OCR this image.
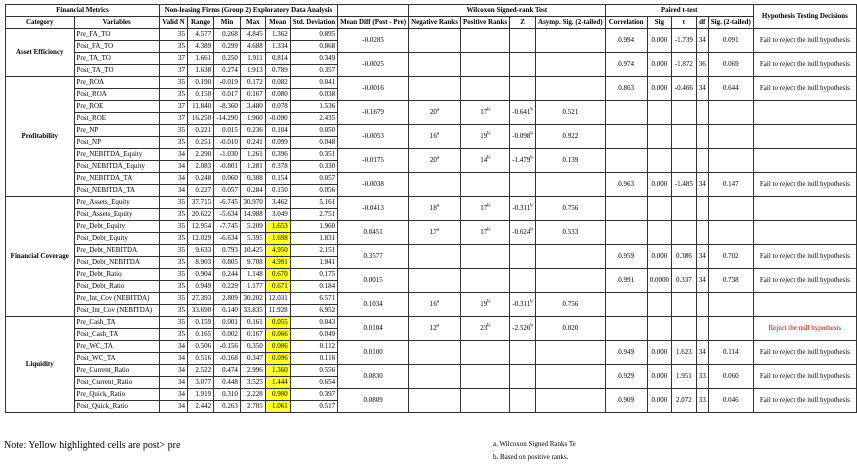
Financial Metrics		Non-leasing Firms (Group 2) Exploratory Data Analysis							Wilcoxon Signed-rank Test				Paired t-test					Hypothesis Testing Decisions
Category	Variables	Valid N	Range	Min	Max	Mean	Std. Deviation	Mean Diff (Post - Pre)	Negative Ranks	Positive Ranks	Z	Asymp. Sig. (2-tailed)	Correlation	Sig	t	df	Sig. (2-tailed)	
Asset Efficiency	Pre_FA_TO	35	4.577	0.268	4.845	1.362	0.895	-0.0285					0.994	0.000	-1.739	34	0.091	Fail to reject the null hypothesis
	Post_FA_TO	35	4.389	0.299	4.688	1.334	0.868											
	Pre_TA_TO	37	1.661	0.250	1.911	0.814	0.349	-0.0025					0.974	0.000	-1.872	36	0.069	Fail to reject the null hypothesis
	Post_TA_TO	37	1.638	0.274	1.913	0.789	0.357											
Profitability	Pre_ROA	35	0.190	-0.019	0.172	0.082	0.041	-0.0016					0.863	0.000	-0.466	34	0.644	Fail to reject the null hypothesis
	Post_ROA	35	0.150	0.017	0.167	0.080	0.038											
	Pre_ROE	37	11.840	-8.360	3.480	0.078	1.536	-0.1679	20$^a$	17$^b$	-0.641$^b$	0.521						
	Post_ROE	37	16.250	-14.290	1.960	-0.090	2.435											
	Pre_NP	35	0.221	0.015	0.236	0.104	0.050	-0.0053	16$^a$	19$^b$	-0.098$^b$	0.922						
	Post_NP	35	0.251	-0.010	0.241	0.099	0.048											
	Pre_NEBITDA_Equity	34	2.290	-1.030	1.261	0.396	0.351	-0.0175	20$^a$	14$^b$	-1.479$^b$	0.139						
	Post_NEBITDA_Equity	34	2.083	-0.801	1.281	0.378	0.330											
	Pre_NEBITDA_TA	34	0.248	0.060	0.308	0.154	0.057	-0.0038					0.963	0.000	-1.485	34	0.147	Fail to reject the null hypothesis
	Post_NEBITDA_TA	34	0.227	0.057	0.284	0.150	0.056											
Financial Coverage	Pre_Assets_Equity	35	37.715	-6.745	30.970	3.462	5.161	-0.0413	18$^a$	17$^b$	-0.311$^b$	0.756						
	Post_Assets_Equity	35	20.622	-5.634	14.988	3.049	2.751											
	Pre_Debt_Equity	35	12.954	-7.745	5.209	1.653	1.960	0.0451	17$^a$	17$^b$	-0.624$^b$	0.533						
	Post_Debt_Equity	35	12.029	-6.634	5.395	1.698	1.831											
	Pre_Debt_NEBITDA	35	9.633	0.793	10.425	4.950	2.151	0.3577					0.959	0.000	0.386	34	0.702	Fail to reject the null hypothesis
	Post_Debt_NEBITDA	35	8.903	0.805	9.708	4.991	1.941											
	Pre_Debt_Ratio	35	0.904	0.244	1.148	0.670	0.175	0.0015					0.991	0.0000	0.337	34	0.738	Fail to reject the null hypothesis
	Post_Debt_Ratio	35	0.949	0.229	1.177	0.671	0.184											
	Pre_Int_Cov (NEBITDA)	35	27.393	2.809	30.202	12.031	6.571	0.1034	16$^a$	19$^b$	-0.311$^b$	0.756						
	Post_Int_Cov (NEBITDA)	35	33.690	0.140	33.835	11.928	6.952											
Liquidity	Pre_Cash_TA	35	0.159	0.001	0.161	0.055	0.043	0.0104	12$^a$	23$^b$	-2.526$^b$	0.020						Reject the null hypothesis
	Post_Cash_TA	35	0.165	0.002	0.167	0.066	0.049											
	Pre_WC_TA	34	0.506	-0.156	0.350	0.086	0.112	0.0100					0.949	0.000	1.623	34	0.114	Fail to reject the null hypothesis
	Post_WC_TA	34	0.516	-0.168	0.347	0.096	0.116											
	Pre_Current_Ratio	34	2.522	0.474	2.996	1.360	0.556	0.0830					0.929	0.000	1.951	33	0.060	Fail to reject the null hypothesis
	Post_Current_Ratio	34	3.077	0.448	3.525	1.444	0.654											
	Pre_Quick_Ratio	34	1.919	0.310	2.228	0.980	0.397	0.0809					0.909	0.000	2.072	33	0.046	Fail to reject the null hypothesis
	Post_Quick_Ratio	34	2.442	0.263	2.705	1.061	0.517											
Note: Yellow highlighted cells are post> pre	a. Wilcoxon Signed Ranks Te
b. Based on positive ranks.
